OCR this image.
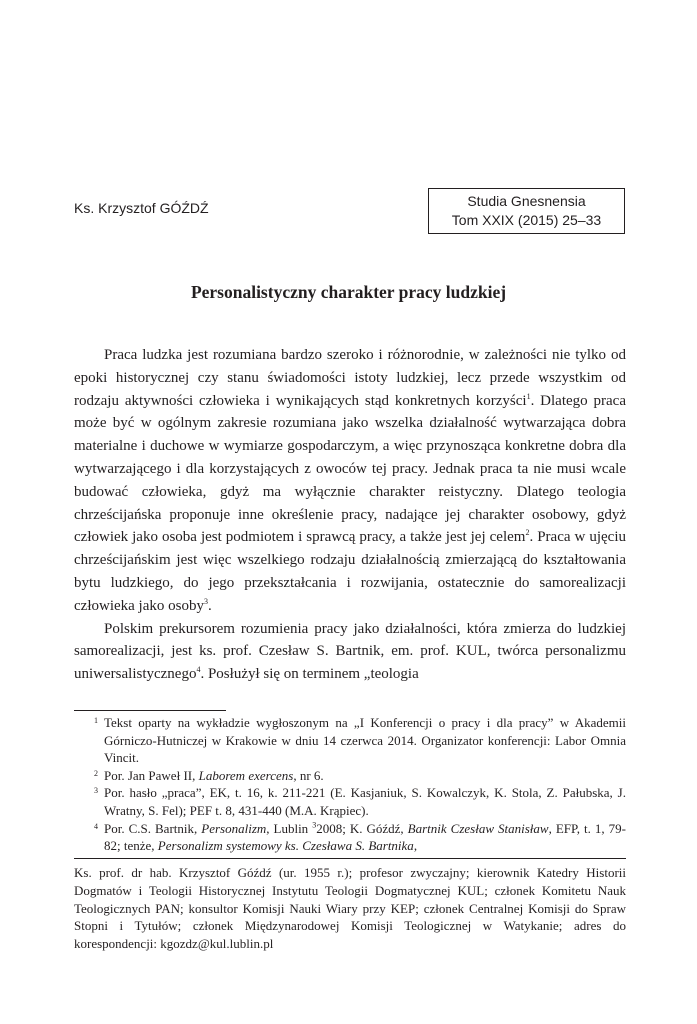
Ks. Krzysztof GÓŹDŹ	Studia Gnesnensia
Tom XXIX (2015) 25–33
Personalistyczny charakter pracy ludzkiej

Praca ludzka jest rozumiana bardzo szeroko i różnorodnie, w zależności nie tylko od epoki historycznej czy stanu świadomości istoty ludzkiej, lecz przede wszystkim od rodzaju aktywności człowieka i wynikających stąd konkretnych korzyści$^1$. Dlatego praca może być w ogólnym zakresie rozumiana jako wszelka działalność wytwarzająca dobra materialne i duchowe w wymiarze gospodarczym, a więc przynosząca konkretne dobra dla wytwarzającego i dla korzystających z owoców tej pracy. Jednak praca ta nie musi wcale budować człowieka, gdyż ma wyłącznie charakter reistyczny. Dlatego teologia chrześcijańska proponuje inne określenie pracy, nadające jej charakter osobowy, gdyż człowiek jako osoba jest podmiotem i sprawcą pracy, a także jest jej celem$^2$. Praca w ujęciu chrześcijańskim jest więc wszelkiego rodzaju działalnością zmierzającą do kształtowania bytu ludzkiego, do jego przekształcania i rozwijania, ostatecznie do samorealizacji człowieka jako osoby$^3$.

Polskim prekursorem rozumienia pracy jako działalności, która zmierza do ludzkiej samorealizacji, jest ks. prof. Czesław S. Bartnik, em. prof. KUL, twórca personalizmu uniwersalistycznego$^4$. Posłużył się on terminem „teologia

1 Tekst oparty na wykładzie wygłoszonym na „I Konferencji o pracy i dla pracy” w Akademii Górniczo-Hutniczej w Krakowie w dniu 14 czerwca 2014. Organizator konferencji: Labor Omnia Vincit.
2 Por. Jan Paweł II, Laborem exercens, nr 6.
3 Por. hasło „praca”, EK, t. 16, k. 211-221 (E. Kasjaniuk, S. Kowalczyk, K. Stola, Z. Pałubska, J. Wratny, S. Fel); PEF t. 8, 431-440 (M.A. Krąpiec).
4 Por. C.S. Bartnik, Personalizm, Lublin $^3$2008; K. Góźdź, Bartnik Czesław Stanisław, EFP, t. 1, 79-82; tenże, Personalizm systemowy ks. Czesława S. Bartnika,
Ks. prof. dr hab. Krzysztof Góźdź (ur. 1955 r.); profesor zwyczajny; kierownik Katedry Historii Dogmatów i Teologii Historycznej Instytutu Teologii Dogmatycznej KUL; członek Komitetu Nauk Teologicznych PAN; konsultor Komisji Nauki Wiary przy KEP; członek Centralnej Komisji do Spraw Stopni i Tytułów; członek Międzynarodowej Komisji Teologicznej w Watykanie; adres do korespondencji: kgozdz@kul.lublin.pl
